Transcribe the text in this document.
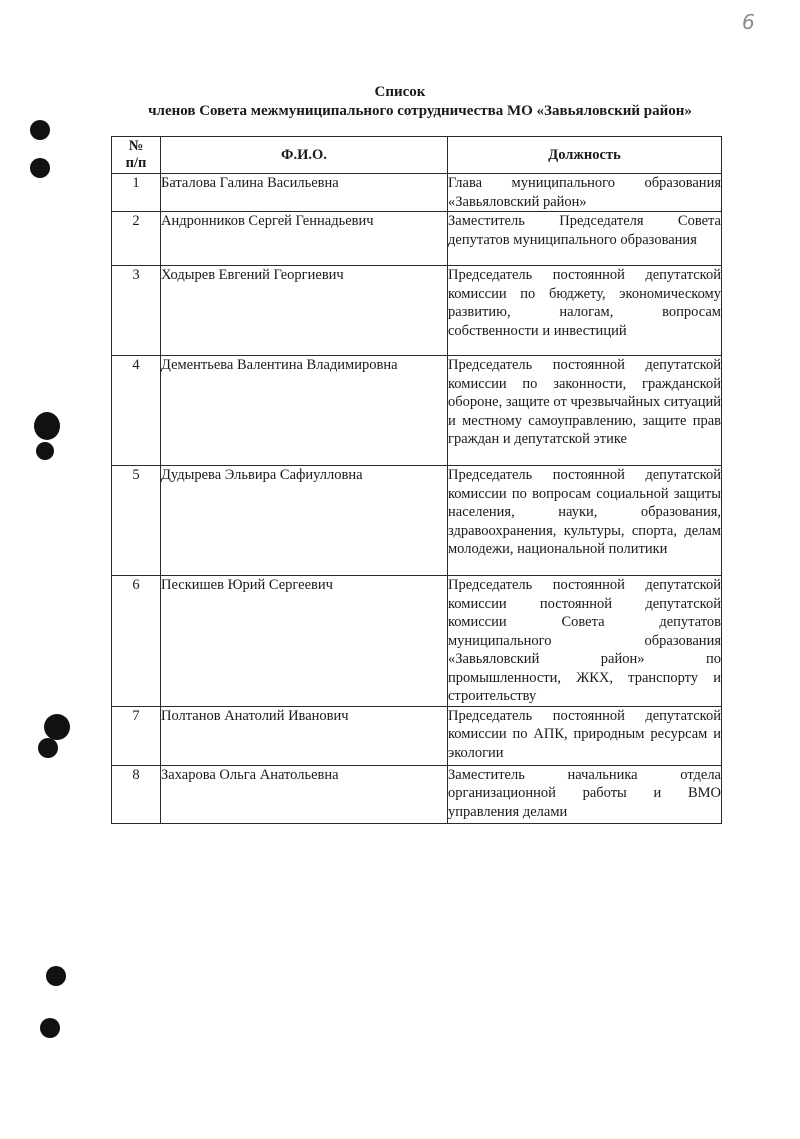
6
Список
членов Совета межмуниципального сотрудничества МО «Завьяловский район»
№
п/п	Ф.И.О.	Должность
1	Баталова Галина Васильевна	Глава муниципального образования «Завьяловский район»
2	Андронников Сергей Геннадьевич	Заместитель Председателя Совета депутатов муниципального образования
3	Ходырев Евгений Георгиевич	Председатель постоянной депутатской комиссии по бюджету, экономическому развитию, налогам, вопросам собственности и инвестиций
4	Дементьева Валентина Владимировна	Председатель постоянной депутатской комиссии по законности, гражданской обороне, защите от чрезвычайных ситуаций и местному самоуправлению, защите прав граждан и депутатской этике
5	Дудырева Эльвира Сафиулловна	Председатель постоянной депутатской комиссии по вопросам социальной защиты населения, науки, образования, здравоохранения, культуры, спорта, делам молодежи, национальной политики
6	Пескишев Юрий Сергеевич	Председатель постоянной депутатской комиссии постоянной депутатской комиссии Совета депутатов муниципального образования «Завьяловский район» по промышленности, ЖКХ, транспорту и строительству
7	Полтанов Анатолий Иванович	Председатель постоянной депутатской комиссии по АПК, природным ресурсам и экологии
8	Захарова Ольга Анатольевна	Заместитель начальника отдела организационной работы и ВМО управления делами
